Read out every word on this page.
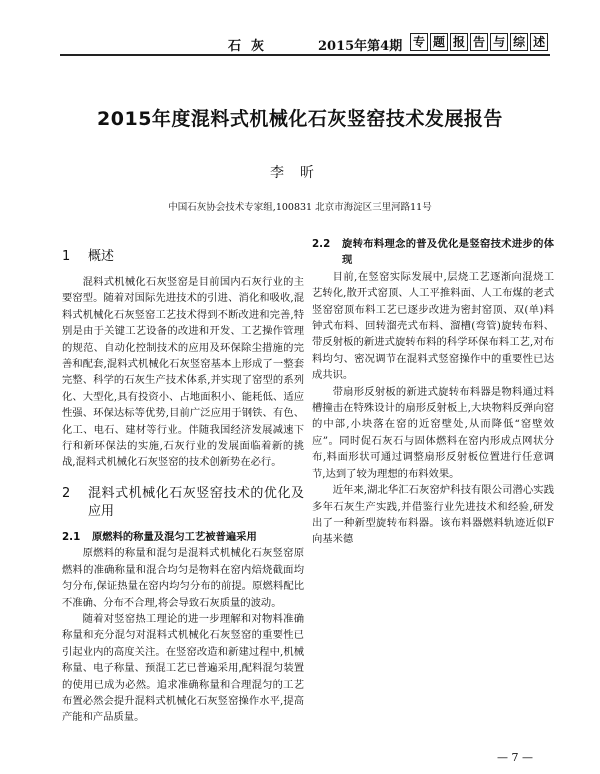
石灰	2015年第4期 专 题 报 告 与 综 述
2015年度混料式机械化石灰竖窑技术发展报告
李昕
中国石灰协会技术专家组,100831 北京市海淀区三里河路11号
1	概述

混料式机械化石灰竖窑是目前国内石灰行业的主要窑型。随着对国际先进技术的引进、消化和吸收,混料式机械化石灰竖窑工艺技术得到不断改进和完善,特别是由于关键工艺设备的改进和开发、工艺操作管理的规范、自动化控制技术的应用及环保除尘措施的完善和配套,混料式机械化石灰竖窑基本上形成了一整套完整、科学的石灰生产技术体系,并实现了窑型的系列化、大型化,具有投资小、占地面积小、能耗低、适应性强、环保达标等优势,目前广泛应用于钢铁、有色、化工、电石、建材等行业。伴随我国经济发展减速下行和新环保法的实施,石灰行业的发展面临着新的挑战,混料式机械化石灰竖窑的技术创新势在必行。

2	混料式机械化石灰竖窑技术的优化及应用
2.1	原燃料的称量及混匀工艺被普遍采用

原燃料的称量和混匀是混料式机械化石灰竖窑原燃料的准确称量和混合均匀是物料在窑内焙烧截面均匀分布,保证热量在窑内均匀分布的前提。原燃料配比不准确、分布不合理,将会导致石灰质量的波动。

随着对竖窑热工理论的进一步理解和对物料准确称量和充分混匀对混料式机械化石灰竖窑的重要性已引起业内的高度关注。在竖窑改造和新建过程中,机械称量、电子称量、预混工艺已普遍采用,配料混匀装置的使用已成为必然。追求准确称量和合理混匀的工艺布置必然会提升混料式机械化石灰竖窑操作水平,提高产能和产品质量。

2.2	旋转布料理念的普及优化是竖窑技术进步的体现

目前,在竖窑实际发展中,层烧工艺逐渐向混烧工艺转化,散开式窑顶、人工平推料面、人工布煤的老式竖窑窑顶布料工艺已逐步改进为密封窑顶、双(单)料钟式布料、回转溜壳式布料、溜槽(弯管)旋转布料、带反射板的新进式旋转布料的科学环保布料工艺,对布料均匀、密况调节在混料式竖窑操作中的重要性已达成共识。

带扇形反射板的新进式旋转布料器是物料通过料槽撞击在特殊设计的扇形反射板上,大块物料反弹向窑的中部,小块落在窑的近窑壁处,从而降低“窑壁效应”。同时促石灰石与固体燃料在窑内形成点网状分布,料面形状可通过调整扇形反射板位置进行任意调节,达到了较为理想的布料效果。

近年来,湖北华汇石灰窑炉科技有限公司潜心实践多年石灰生产实践,并借鉴行业先进技术和经验,研发出了一种新型旋转布料器。该布料器燃料轨迹近似F向基米德

— 7 —
